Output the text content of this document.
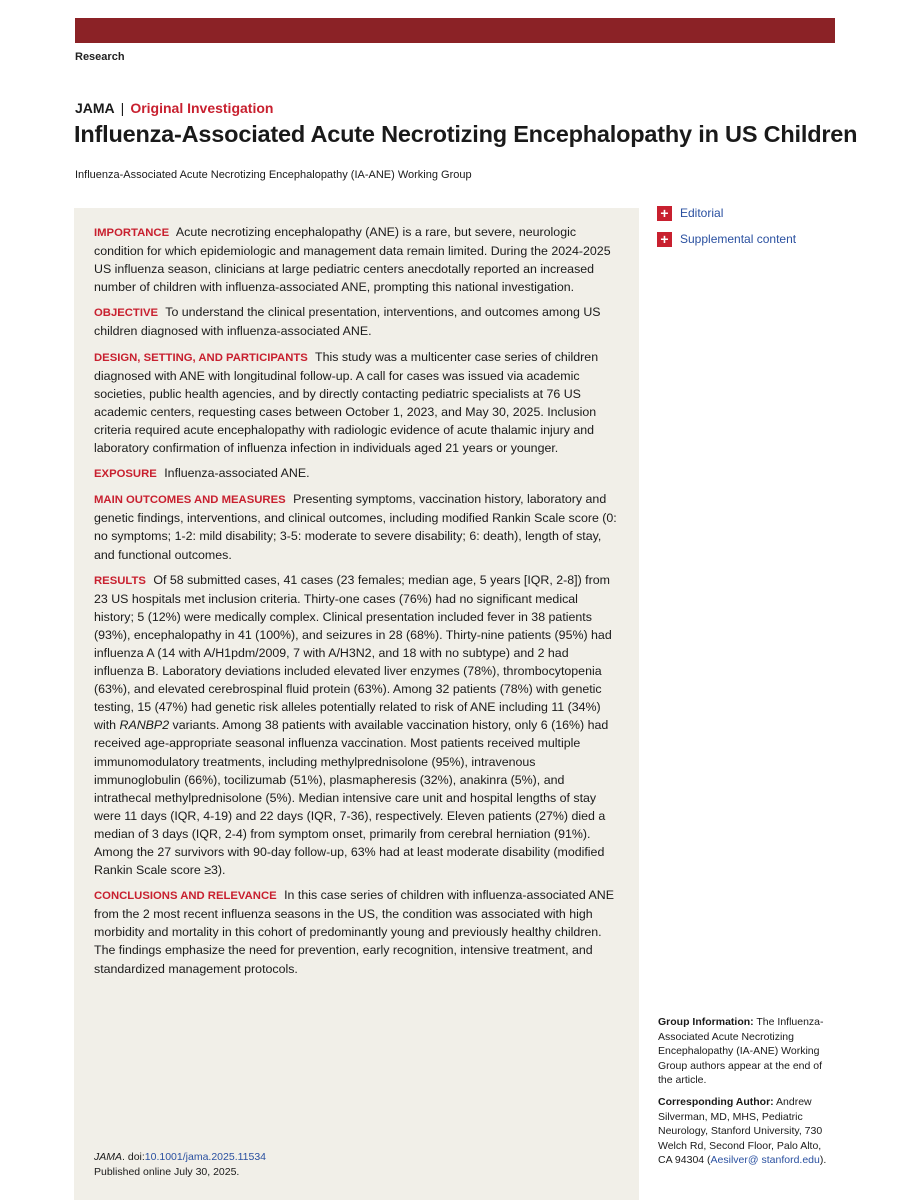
Research
JAMA | Original Investigation
Influenza-Associated Acute Necrotizing Encephalopathy in US Children
Influenza-Associated Acute Necrotizing Encephalopathy (IA-ANE) Working Group

IMPORTANCE Acute necrotizing encephalopathy (ANE) is a rare, but severe, neurologic condition for which epidemiologic and management data remain limited. During the 2024-2025 US influenza season, clinicians at large pediatric centers anecdotally reported an increased number of children with influenza-associated ANE, prompting this national investigation.

OBJECTIVE To understand the clinical presentation, interventions, and outcomes among US children diagnosed with influenza-associated ANE.

DESIGN, SETTING, AND PARTICIPANTS This study was a multicenter case series of children diagnosed with ANE with longitudinal follow-up. A call for cases was issued via academic societies, public health agencies, and by directly contacting pediatric specialists at 76 US academic centers, requesting cases between October 1, 2023, and May 30, 2025. Inclusion criteria required acute encephalopathy with radiologic evidence of acute thalamic injury and laboratory confirmation of influenza infection in individuals aged 21 years or younger.

EXPOSURE Influenza-associated ANE.

MAIN OUTCOMES AND MEASURES Presenting symptoms, vaccination history, laboratory and genetic findings, interventions, and clinical outcomes, including modified Rankin Scale score (0: no symptoms; 1-2: mild disability; 3-5: moderate to severe disability; 6: death), length of stay, and functional outcomes.

RESULTS Of 58 submitted cases, 41 cases (23 females; median age, 5 years [IQR, 2-8]) from 23 US hospitals met inclusion criteria. Thirty-one cases (76%) had no significant medical history; 5 (12%) were medically complex. Clinical presentation included fever in 38 patients (93%), encephalopathy in 41 (100%), and seizures in 28 (68%). Thirty-nine patients (95%) had influenza A (14 with A/H1pdm/2009, 7 with A/H3N2, and 18 with no subtype) and 2 had influenza B. Laboratory deviations included elevated liver enzymes (78%), thrombocytopenia (63%), and elevated cerebrospinal fluid protein (63%). Among 32 patients (78%) with genetic testing, 15 (47%) had genetic risk alleles potentially related to risk of ANE including 11 (34%) with RANBP2 variants. Among 38 patients with available vaccination history, only 6 (16%) had received age-appropriate seasonal influenza vaccination. Most patients received multiple immunomodulatory treatments, including methylprednisolone (95%), intravenous immunoglobulin (66%), tocilizumab (51%), plasmapheresis (32%), anakinra (5%), and intrathecal methylprednisolone (5%). Median intensive care unit and hospital lengths of stay were 11 days (IQR, 4-19) and 22 days (IQR, 7-36), respectively. Eleven patients (27%) died a median of 3 days (IQR, 2-4) from symptom onset, primarily from cerebral herniation (91%). Among the 27 survivors with 90-day follow-up, 63% had at least moderate disability (modified Rankin Scale score ≥3).

CONCLUSIONS AND RELEVANCE In this case series of children with influenza-associated ANE from the 2 most recent influenza seasons in the US, the condition was associated with high morbidity and mortality in this cohort of predominantly young and previously healthy children. The findings emphasize the need for prevention, early recognition, intensive treatment, and standardized management protocols.

JAMA. doi:10.1001/jama.2025.11534
Published online July 30, 2025.
+ Editorial
+ Supplemental content

Group Information: The Influenza-Associated Acute Necrotizing Encephalopathy (IA-ANE) Working Group authors appear at the end of the article.

Corresponding Author: Andrew Silverman, MD, MHS, Pediatric Neurology, Stanford University, 730 Welch Rd, Second Floor, Palo Alto, CA 94304 (Aesilver@ stanford.edu).
